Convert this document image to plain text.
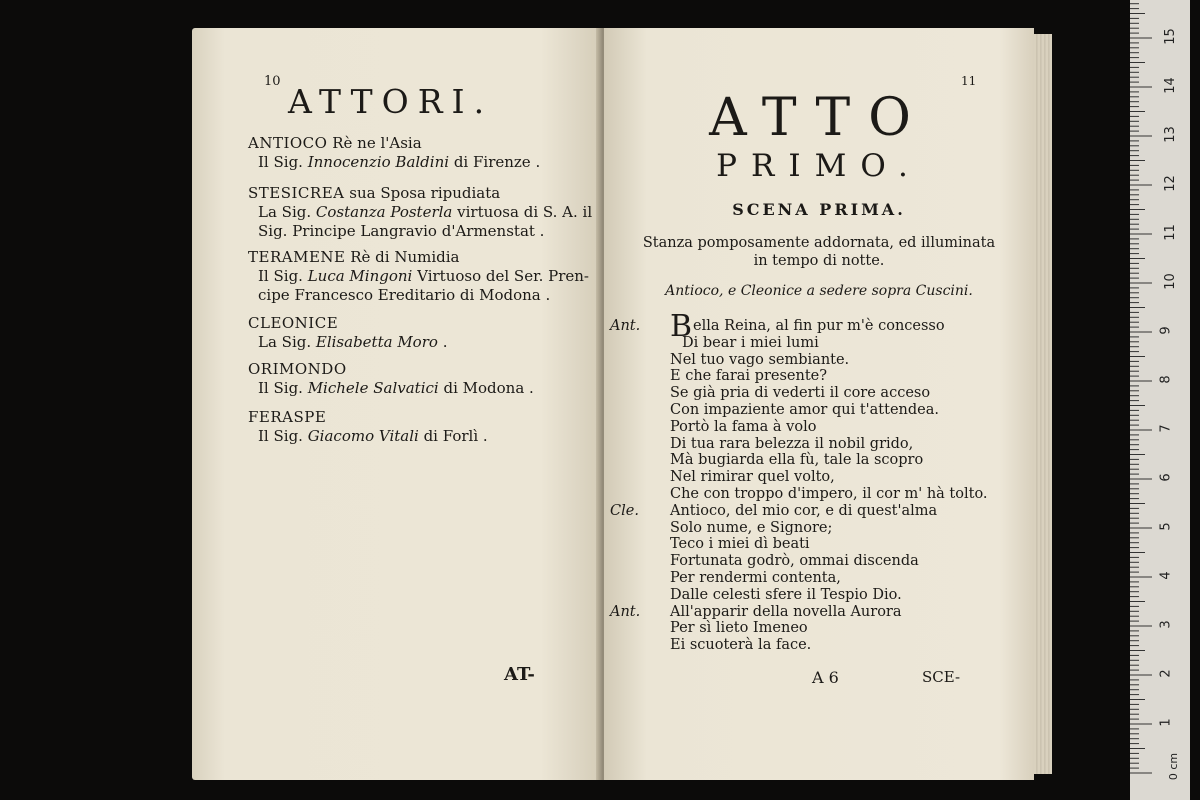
10
ATTORI.
ANTIOCO Rè ne l'Asia
Il Sig. Innocenzio Baldini di Firenze .
STESICREA sua Sposa ripudiata
La Sig. Costanza Posterla virtuosa di S. A. il
Sig. Principe Langravio d'Armenstat .
TERAMENE Rè di Numidia
Il Sig. Luca Mingoni Virtuoso del Ser. Pren-
cipe Francesco Ereditario di Modona .
CLEONICE
La Sig. Elisabetta Moro .
ORIMONDO
Il Sig. Michele Salvatici di Modona .
FERASPE
Il Sig. Giacomo Vitali di Forlì .
AT-
11
ATTO
PRIMO.
SCENA PRIMA.
Stanza pomposamente addornata, ed illuminata
in tempo di notte.
Antioco, e Cleonice a sedere sopra Cuscini.
Ant. Bella Reina, al fin pur m'è concesso
Di bear i miei lumi
Nel tuo vago sembiante.
E che farai presente?
Se già pria di vederti il core acceso
Con impaziente amor qui t'attendea.
Portò la fama à volo
Di tua rara belezza il nobil grido,
Mà bugiarda ella fù, tale la scopro
Nel rimirar quel volto,
Che con troppo d'impero, il cor m' hà tolto.
Cle. Antioco, del mio cor, e di quest'alma
Solo nume, e Signore;
Teco i miei dì beati
Fortunata godrò, ommai discenda
Per rendermi contenta,
Dalle celesti sfere il Tespio Dio.
Ant. All'apparir della novella Aurora
Per sì lieto Imeneo
Ei scuoterà la face.
A 6	SCE-
0 cm
15
14
13
12
11
10
9
8
7
6
5
4
3
2
1
